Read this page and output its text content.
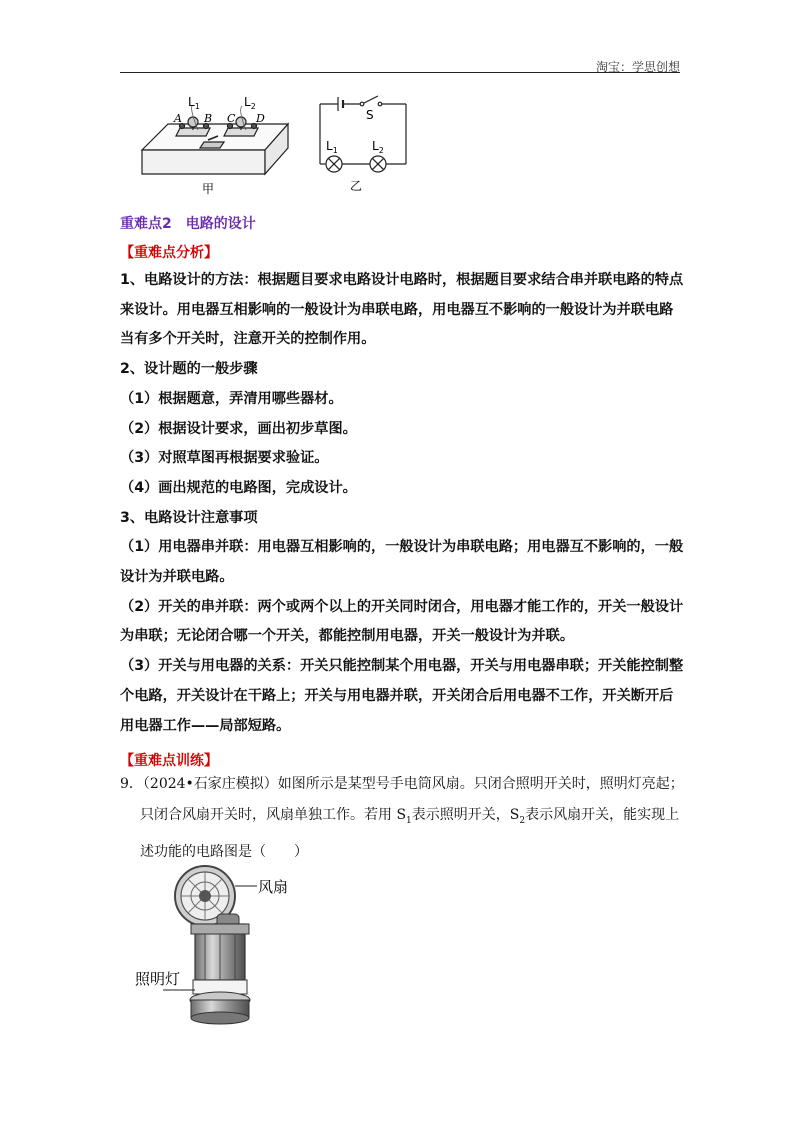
淘宝：学思创想
$L_1$	$L_2$
A B C D
甲
S
$L_1$	$L_2$
乙
重难点2　电路的设计
【重难点分析】

1、电路设计的方法：根据题目要求电路设计电路时，根据题目要求结合串并联电路的特点

来设计。用电器互相影响的一般设计为串联电路，用电器互不影响的一般设计为并联电路

当有多个开关时，注意开关的控制作用。

2、设计题的一般步骤

（1）根据题意，弄清用哪些器材。

（2）根据设计要求，画出初步草图。

（3）对照草图再根据要求验证。

（4）画出规范的电路图，完成设计。

3、电路设计注意事项

（1）用电器串并联：用电器互相影响的，一般设计为串联电路；用电器互不影响的，一般

设计为并联电路。

（2）开关的串并联：两个或两个以上的开关同时闭合，用电器才能工作的，开关一般设计

为串联；无论闭合哪一个开关，都能控制用电器，开关一般设计为并联。

（3）开关与用电器的关系：开关只能控制某个用电器，开关与用电器串联；开关能控制整

个电路，开关设计在干路上；开关与用电器并联，开关闭合后用电器不工作，开关断开后

用电器工作——局部短路。

【重难点训练】
9．（2024•石家庄模拟）如图所示是某型号手电筒风扇。只闭合照明开关时，照明灯亮起；
只闭合风扇开关时，风扇单独工作。若用 $S_1$表示照明开关，$S_2$表示风扇开关，能实现上
述功能的电路图是（　　）
风扇
照明灯
